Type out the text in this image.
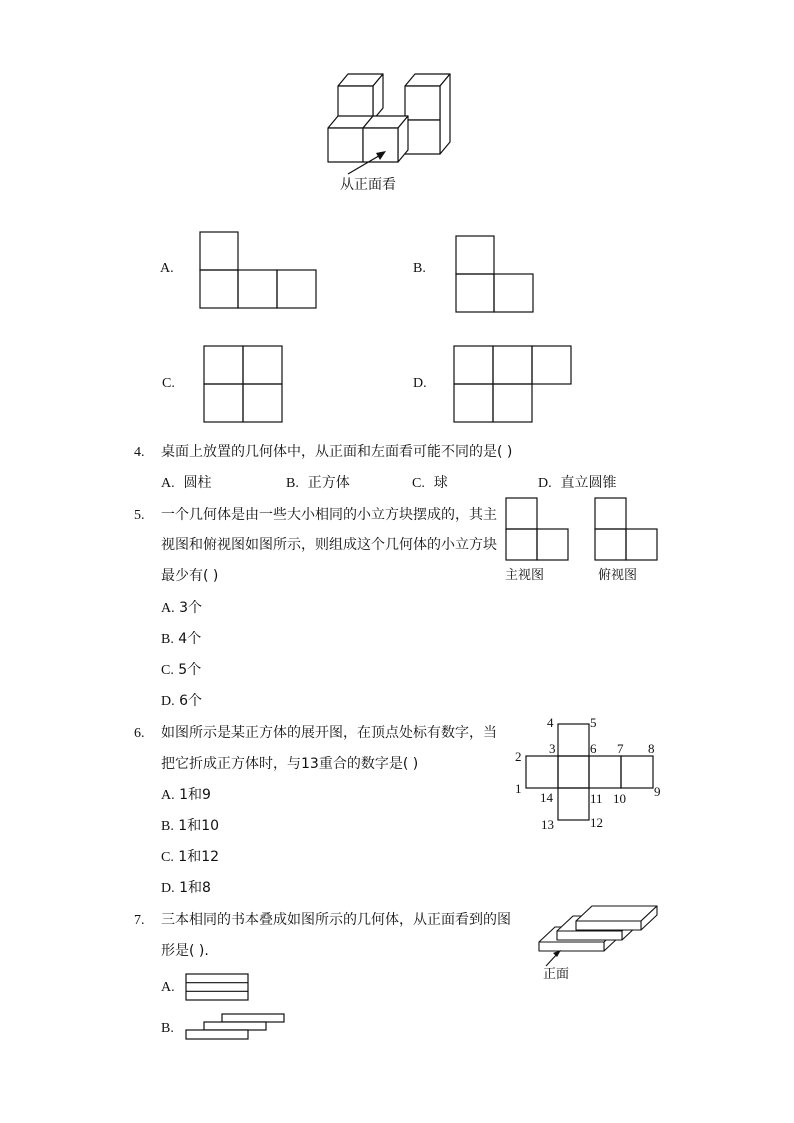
从正面看
A.	B.
C.	D.
4. 桌面上放置的几何体中，从正面和左面看可能不同的是( )
A. 圆柱	B. 正方体	C. 球	D. 直立圆锥
5. 一个几何体是由一些大小相同的小立方块摆成的，其主
视图和俯视图如图所示，则组成这个几何体的小立方块
最少有( )	主视图	俯视图
A. 3个
B. 4个
C. 5个
D. 6个
6. 如图所示是某正方体的展开图，在顶点处标有数字，当
把它折成正方体时，与13重合的数字是( )
4	5
3	6 7 8
2
1
14	11 10 9
13	12
A. 1和9
B. 1和10
C. 1和12
D. 1和8
7. 三本相同的书本叠成如图所示的几何体，从正面看到的图
形是( ).
正面
A.
B.
